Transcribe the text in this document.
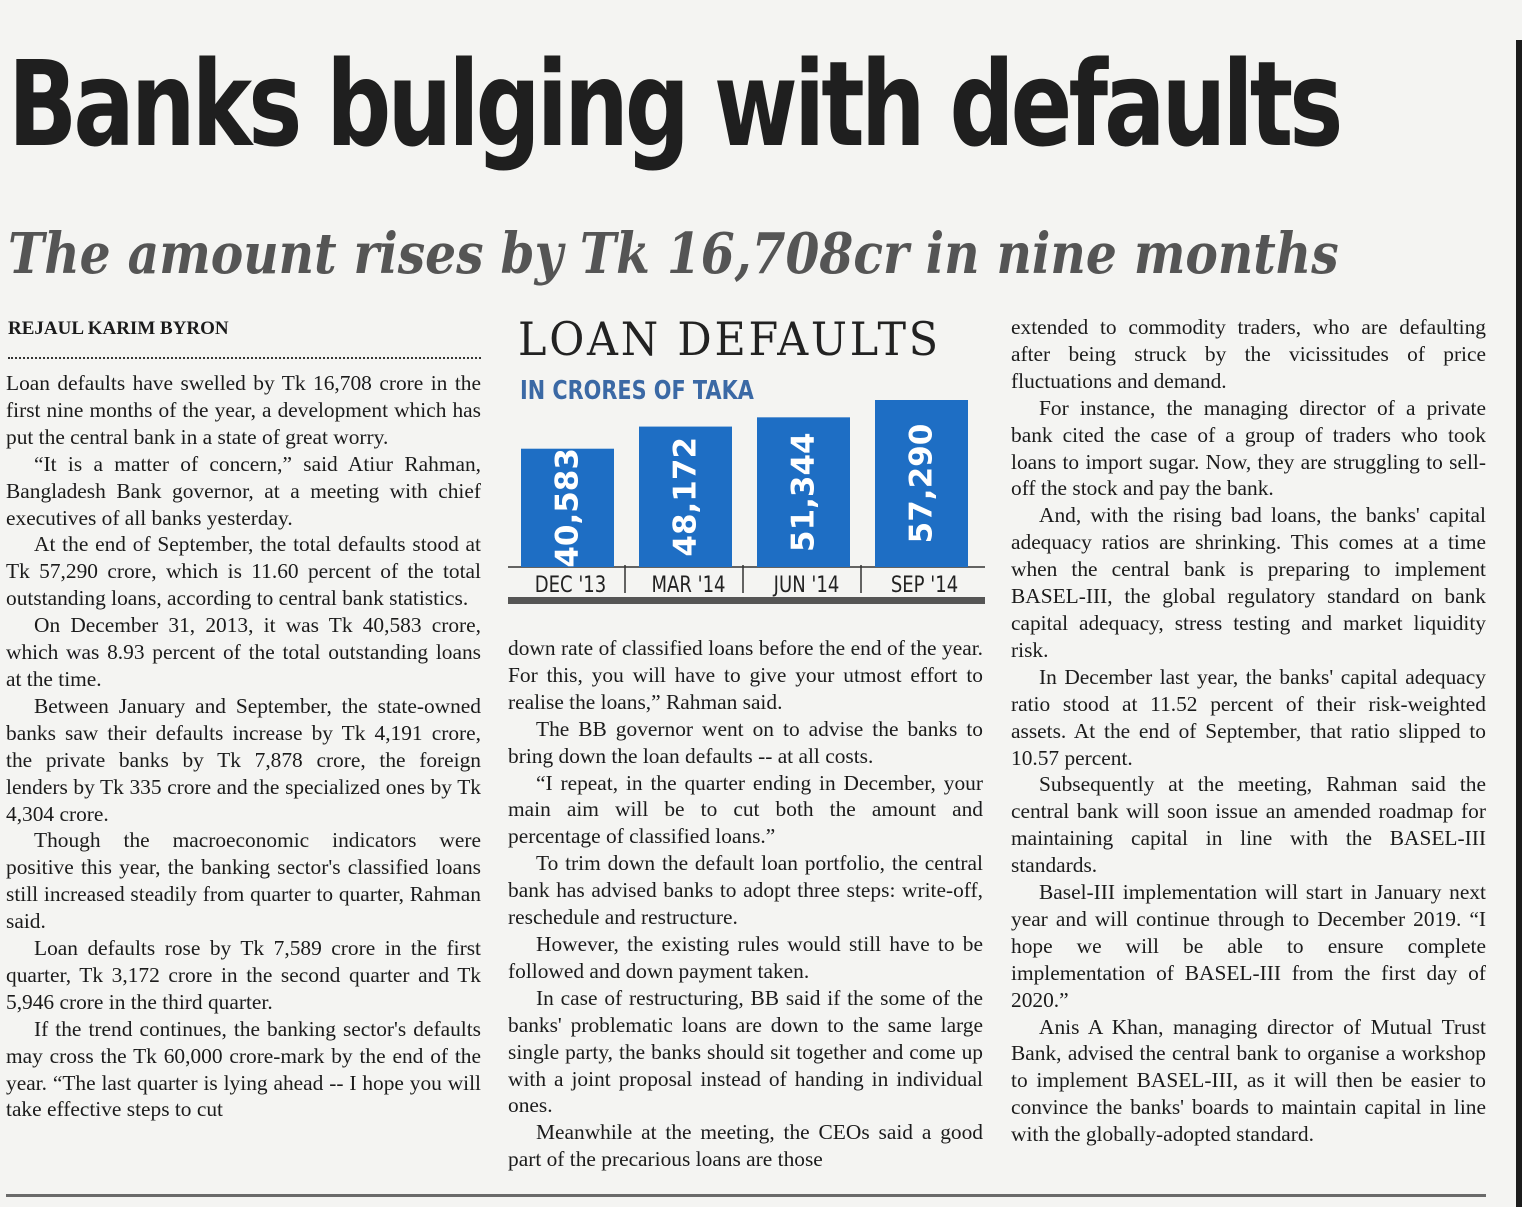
Banks bulging with defaults
The amount rises by Tk 16,708cr in nine months
REJAUL KARIM BYRON

Loan defaults have swelled by Tk 16,708 crore in the first nine months of the year, a development which has put the central bank in a state of great worry.

“It is a matter of concern,” said Atiur Rahman, Bangladesh Bank governor, at a meeting with chief executives of all banks yesterday.

At the end of September, the total defaults stood at Tk 57,290 crore, which is 11.60 percent of the total outstanding loans, according to central bank statistics.

On December 31, 2013, it was Tk 40,583 crore, which was 8.93 percent of the total outstanding loans at the time.

Between January and September, the state-owned banks saw their defaults increase by Tk 4,191 crore, the private banks by Tk 7,878 crore, the foreign lenders by Tk 335 crore and the specialized ones by Tk 4,304 crore.

Though the macroeconomic indicators were positive this year, the banking sector's classified loans still increased steadily from quarter to quarter, Rahman said.

Loan defaults rose by Tk 7,589 crore in the first quarter, Tk 3,172 crore in the second quarter and Tk 5,946 crore in the third quarter.

If the trend continues, the banking sector's defaults may cross the Tk 60,000 crore-mark by the end of the year. “The last quarter is lying ahead -- I hope you will take effective steps to cut

LOAN DEFAULTS
IN CRORES OF TAKA
40,583
DEC '13
48,172
MAR '14
51,344
JUN '14
57,290
SEP '14

down rate of classified loans before the end of the year. For this, you will have to give your utmost effort to realise the loans,” Rahman said.

The BB governor went on to advise the banks to bring down the loan defaults -- at all costs.

“I repeat, in the quarter ending in December, your main aim will be to cut both the amount and percentage of classified loans.”

To trim down the default loan portfolio, the central bank has advised banks to adopt three steps: write-off, reschedule and restructure.

However, the existing rules would still have to be followed and down payment taken.

In case of restructuring, BB said if the some of the banks' problematic loans are down to the same large single party, the banks should sit together and come up with a joint proposal instead of handing in individual ones.

Meanwhile at the meeting, the CEOs said a good part of the precarious loans are those

extended to commodity traders, who are defaulting after being struck by the vicissitudes of price fluctuations and demand.

For instance, the managing director of a private bank cited the case of a group of traders who took loans to import sugar. Now, they are struggling to sell-off the stock and pay the bank.

And, with the rising bad loans, the banks' capital adequacy ratios are shrinking. This comes at a time when the central bank is preparing to implement BASEL-III, the global regulatory standard on bank capital adequacy, stress testing and market liquidity risk.

In December last year, the banks' capital adequacy ratio stood at 11.52 percent of their risk-weighted assets. At the end of September, that ratio slipped to 10.57 percent.

Subsequently at the meeting, Rahman said the central bank will soon issue an amended roadmap for maintaining capital in line with the BASEL-III standards.

Basel-III implementation will start in January next year and will continue through to December 2019. “I hope we will be able to ensure complete implementation of BASEL-III from the first day of 2020.”

Anis A Khan, managing director of Mutual Trust Bank, advised the central bank to organise a workshop to implement BASEL-III, as it will then be easier to convince the banks' boards to maintain capital in line with the globally-adopted standard.
